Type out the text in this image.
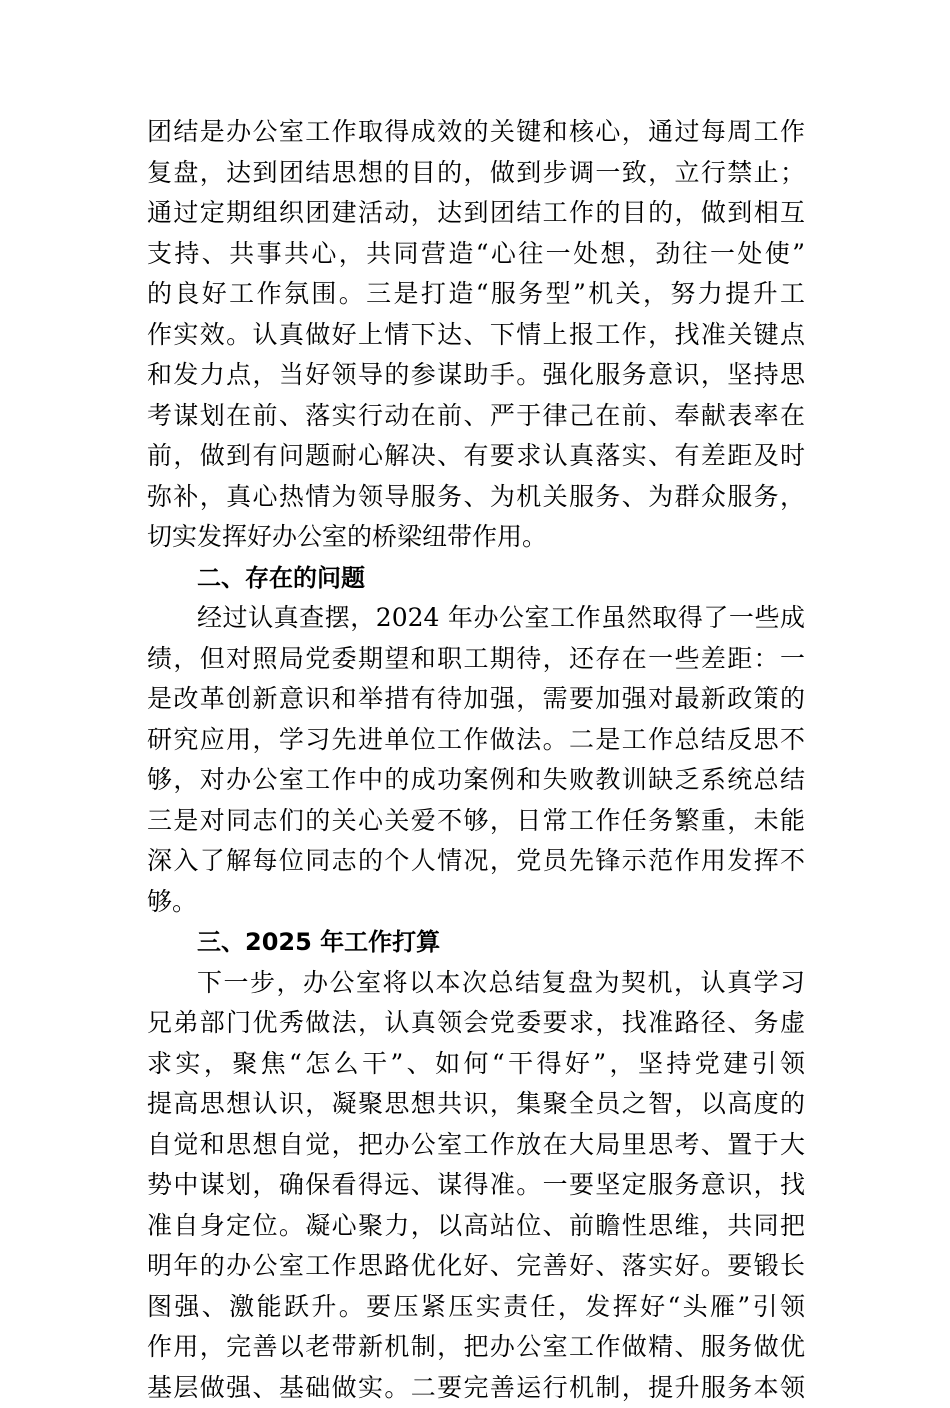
团结是办公室工作取得成效的关键和核心，通过每周工作
复盘，达到团结思想的目的，做到步调一致，立行禁止；
通过定期组织团建活动，达到团结工作的目的，做到相互
支持、共事共心，共同营造“心往一处想，劲往一处使”
的良好工作氛围。三是打造“服务型”机关，努力提升工
作实效。认真做好上情下达、下情上报工作，找准关键点
和发力点，当好领导的参谋助手。强化服务意识，坚持思
考谋划在前、落实行动在前、严于律己在前、奉献表率在
前，做到有问题耐心解决、有要求认真落实、有差距及时
弥补，真心热情为领导服务、为机关服务、为群众服务，
切实发挥好办公室的桥梁纽带作用。
二、存在的问题
经过认真查摆，2024 年办公室工作虽然取得了一些成
绩，但对照局党委期望和职工期待，还存在一些差距：一
是改革创新意识和举措有待加强，需要加强对最新政策的
研究应用，学习先进单位工作做法。二是工作总结反思不
够，对办公室工作中的成功案例和失败教训缺乏系统总结
三是对同志们的关心关爱不够，日常工作任务繁重，未能
深入了解每位同志的个人情况，党员先锋示范作用发挥不
够。
三、2025 年工作打算
下一步，办公室将以本次总结复盘为契机，认真学习
兄弟部门优秀做法，认真领会党委要求，找准路径、务虚
求实，聚焦“怎么干”、如何“干得好”，坚持党建引领
提高思想认识，凝聚思想共识，集聚全员之智，以高度的
自觉和思想自觉，把办公室工作放在大局里思考、置于大
势中谋划，确保看得远、谋得准。一要坚定服务意识，找
准自身定位。凝心聚力，以高站位、前瞻性思维，共同把
明年的办公室工作思路优化好、完善好、落实好。要锻长
图强、激能跃升。要压紧压实责任，发挥好“头雁”引领
作用，完善以老带新机制，把办公室工作做精、服务做优
基层做强、基础做实。二要完善运行机制，提升服务本领
